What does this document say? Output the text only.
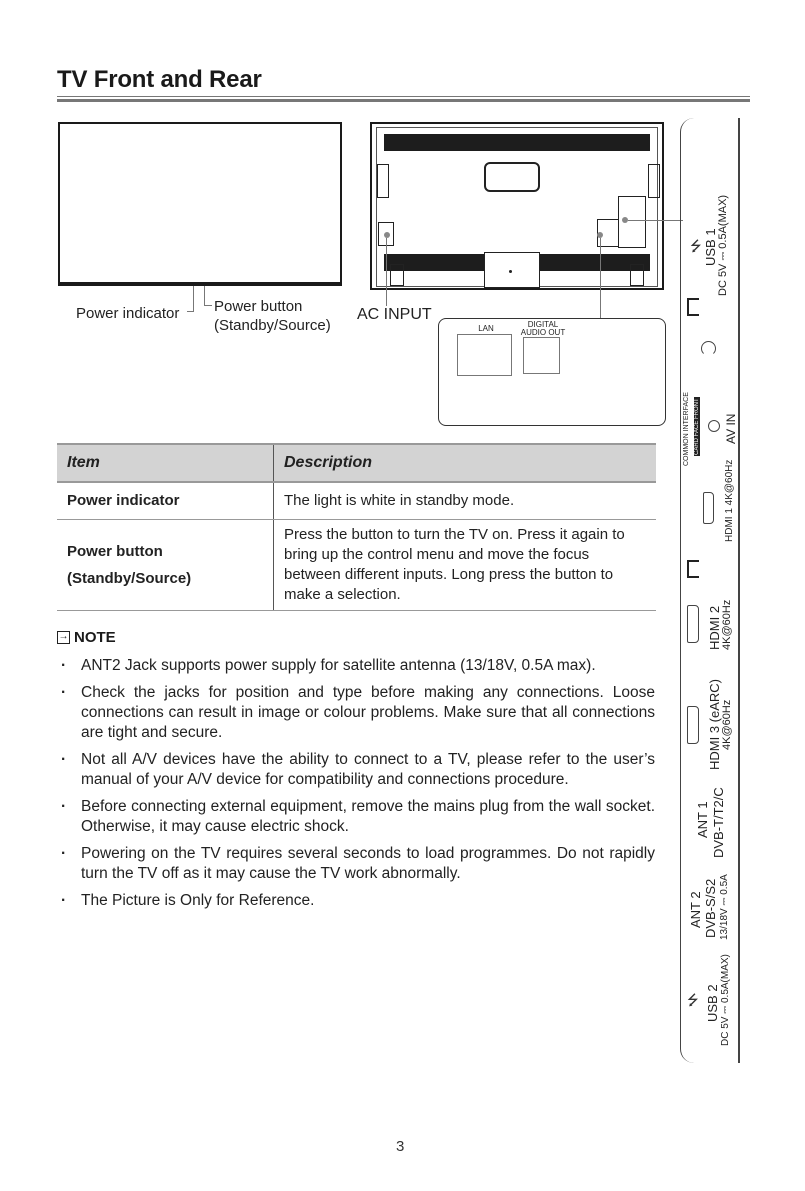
TV Front and Rear
Power indicator Power button
(Standby/Source)
AC INPUT
LAN	DIGITAL
AUDIO OUT
⭍ USB 1 DC 5V ⎓ 0.5A(MAX)
COMMON INTERFACE CARD FACE FRONT AV IN
HDMI 1 4K@60Hz
HDMI 2 4K@60Hz
HDMI 3 (eARC) 4K@60Hz
ANT 1 DVB-T/T2/C
ANT 2 DVB-S/S2 13/18V ⎓ 0.5A
⭍ USB 2 DC 5V ⎓ 0.5A(MAX)
Item	Description
Power indicator	The light is white in standby mode.

Power button
(Standby/Source)	Press the button to turn the TV on. Press it again to bring up the control menu and move the focus between different inputs. Long press the button to make a selection.
→ NOTE
· ANT2 Jack supports power supply for satellite antenna (13/18V, 0.5A max).
· Check the jacks for position and type before making any connections. Loose connections can result in image or colour problems. Make sure that all connections are tight and secure.
· Not all A/V devices have the ability to connect to a TV, please refer to the user’s manual of your A/V device for compatibility and connections procedure.
· Before connecting external equipment, remove the mains plug from the wall socket. Otherwise, it may cause electric shock.
· Powering on the TV requires several seconds to load programmes. Do not rapidly turn the TV off as it may cause the TV work abnormally.
· The Picture is Only for Reference.
3
